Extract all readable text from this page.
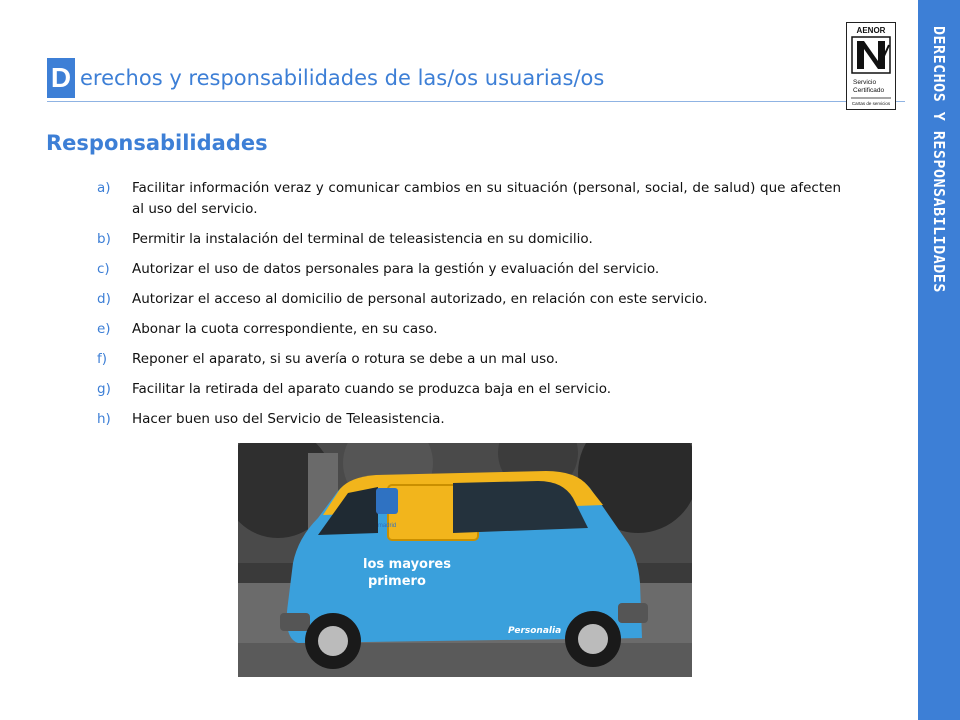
D erechos y responsabilidades de las/os usuarias/os
AENOR
Servicio
Certificado
Cartas de servicios	DERECHOS Y RESPONSABILIDADES
Responsabilidades
a) Facilitar información veraz y comunicar cambios en su situación (personal, social, de salud) que afecten al uso del servicio.
b) Permitir la instalación del terminal de teleasistencia en su domicilio.
c) Autorizar el uso de datos personales para la gestión y evaluación del servicio.
d) Autorizar el acceso al domicilio de personal autorizado, en relación con este servicio.
e) Abonar la cuota correspondiente, en su caso.
f) Reponer el aparato, si su avería o rotura se debe a un mal uso.
g) Facilitar la retirada del aparato cuando se produzca baja en el servicio.
h) Hacer buen uso del Servicio de Teleasistencia.
madrid
los mayores
primero
Personalia
